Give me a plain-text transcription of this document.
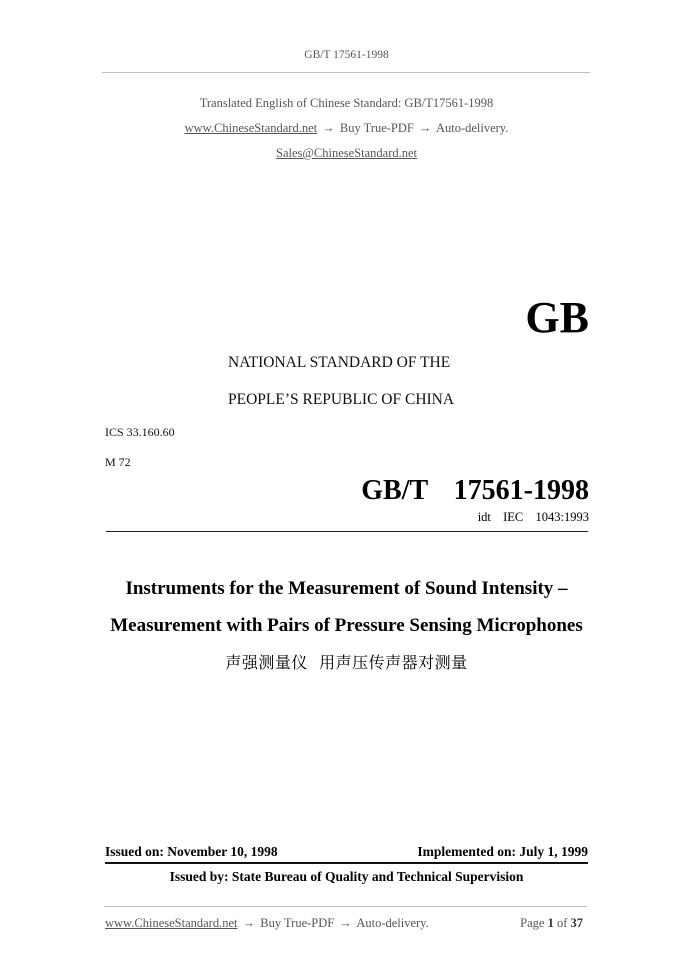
GB/T 17561-1998
Translated English of Chinese Standard: GB/T17561-1998
www.ChineseStandard.net → Buy True-PDF → Auto-delivery.
Sales@ChineseStandard.net
GB
NATIONAL STANDARD OF THE
PEOPLE’S REPUBLIC OF CHINA
ICS 33.160.60
M 72
GB/T  17561-1998
idt  IEC  1043:1993
Instruments for the Measurement of Sound Intensity –
Measurement with Pairs of Pressure Sensing Microphones
声强测量仪  用声压传声器对测量
Issued on: November 10, 1998	Implemented on: July 1, 1999
Issued by: State Bureau of Quality and Technical Supervision
www.ChineseStandard.net → Buy True-PDF → Auto-delivery.	Page 1 of 37
